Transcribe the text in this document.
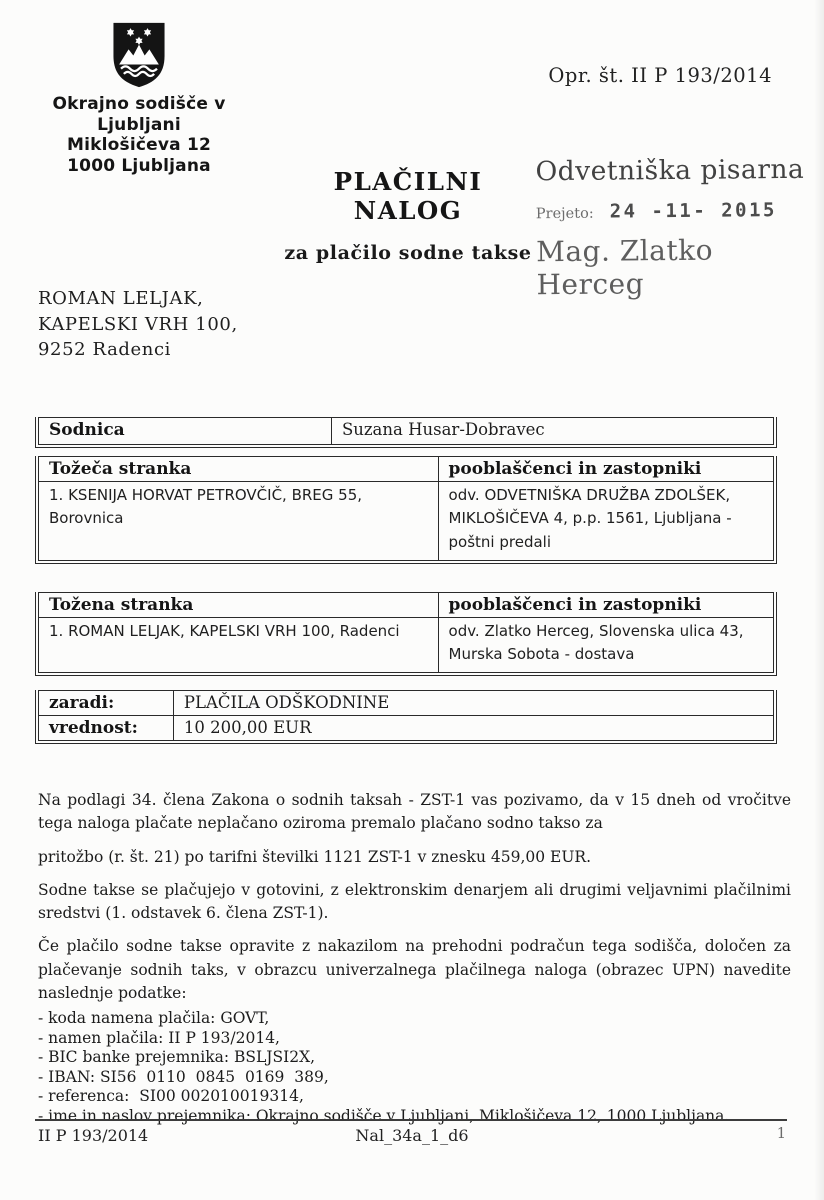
Okrajno sodišče v Ljubljani
Miklošičeva 12
1000 Ljubljana
Opr. št. II P 193/2014
PLAČILNI NALOG
za plačilo sodne takse
Odvetniška pisarna
Prejeto: 24 -11- 2015
Mag. Zlatko Herceg
ROMAN LELJAK,
KAPELSKI VRH 100,
9252 Radenci
Sodnica	Suzana Husar-Dobravec
Tožeča stranka	pooblaščenci in zastopniki
1. KSENIJA HORVAT PETROVČIČ, BREG 55, Borovnica	odv. ODVETNIŠKA DRUŽBA ZDOLŠEK, MIKLOŠIČEVA 4, p.p. 1561, Ljubljana - poštni predali
Tožena stranka	pooblaščenci in zastopniki
1. ROMAN LELJAK, KAPELSKI VRH 100, Radenci	odv. Zlatko Herceg, Slovenska ulica 43, Murska Sobota - dostava
zaradi:	PLAČILA ODŠKODNINE
vrednost:	10 200,00 EUR

Na podlagi 34. člena Zakona o sodnih taksah - ZST-1 vas pozivamo, da v 15 dneh od vročitve tega naloga plačate neplačano oziroma premalo plačano sodno takso za

pritožbo (r. št. 21) po tarifni številki 1121 ZST-1 v znesku 459,00 EUR.

Sodne takse se plačujejo v gotovini, z elektronskim denarjem ali drugimi veljavnimi plačilnimi sredstvi (1. odstavek 6. člena ZST-1).

Če plačilo sodne takse opravite z nakazilom na prehodni podračun tega sodišča, določen za plačevanje sodnih taks, v obrazcu univerzalnega plačilnega naloga (obrazec UPN) navedite naslednje podatke:

- koda namena plačila: GOVT,
- namen plačila: II P 193/2014,
- BIC banke prejemnika: BSLJSI2X,
- IBAN: SI56  0110  0845  0169  389,
- referenca:  SI00 002010019314,
- ime in naslov prejemnika: Okrajno sodišče v Ljubljani, Miklošičeva 12, 1000 Ljubljana.
II P 193/2014	Nal_34a_1_d6	1
